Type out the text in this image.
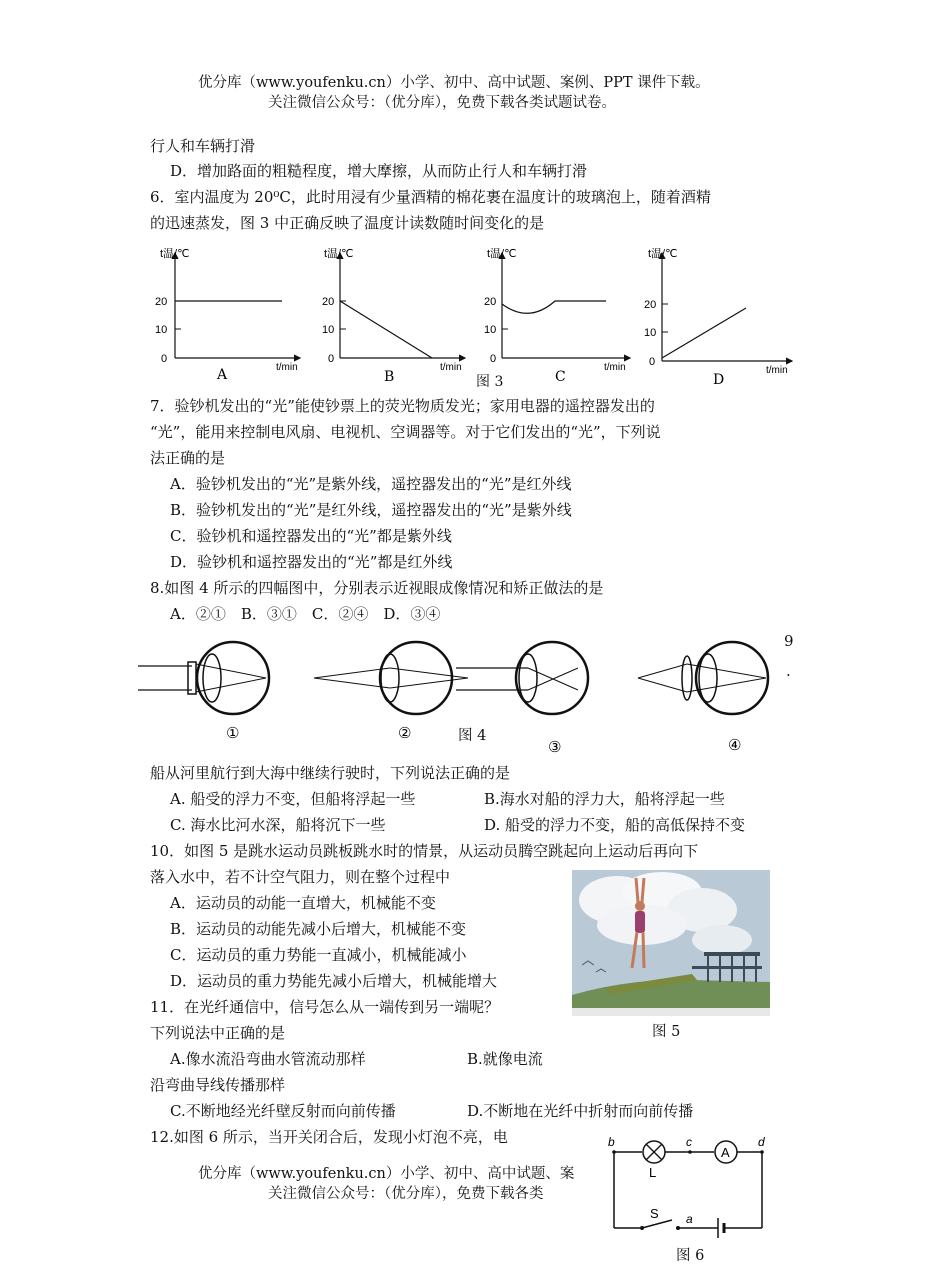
优分库（www.youfenku.cn）小学、初中、高中试题、案例、PPT 课件下载。
关注微信公众号：（优分库），免费下载各类试题试卷。
行人和车辆打滑
D．增加路面的粗糙程度，增大摩擦，从而防止行人和车辆打滑
6．室内温度为 20⁰C，此时用浸有少量酒精的棉花裹在温度计的玻璃泡上，随着酒精
的迅速蒸发，图 3 中正确反映了温度计读数随时间变化的是
t温/℃
t/min
0
10
20
A
t温/℃
t/min
0
10
20
B
t温/℃
t/min
0
10
20
C
t温/℃
t/min
0
10
20
D
图 3
7．验钞机发出的“光”能使钞票上的荧光物质发光；家用电器的遥控器发出的
“光”，能用来控制电风扇、电视机、空调器等。对于它们发出的“光”，下列说
法正确的是
A．验钞机发出的“光”是紫外线，遥控器发出的“光”是红外线
B．验钞机发出的“光”是红外线，遥控器发出的“光”是紫外线
C．验钞机和遥控器发出的“光”都是紫外线
D．验钞机和遥控器发出的“光”都是红外线
8.如图 4 所示的四幅图中，分别表示近视眼成像情况和矫正做法的是
A．②①　B．③①　C．②④　D．③④
9
.
①	②
③	④
图 4
船从河里航行到大海中继续行驶时，下列说法正确的是
A. 船受的浮力不变，但船将浮起一些	B.海水对船的浮力大，船将浮起一些
C. 海水比河水深，船将沉下一些	D. 船受的浮力不变，船的高低保持不变
10．如图 5 是跳水运动员跳板跳水时的情景，从运动员腾空跳起向上运动后再向下
落入水中，若不计空气阻力，则在整个过程中
A．运动员的动能一直增大，机械能不变
B．运动员的动能先减小后增大，机械能不变
C．运动员的重力势能一直减小，机械能减小
D．运动员的重力势能先减小后增大，机械能增大
图 5
11．在光纤通信中，信号怎么从一端传到另一端呢？
下列说法中正确的是
A.像水流沿弯曲水管流动那样	B.就像电流
沿弯曲导线传播那样
C.不断地经光纤壁反射而向前传播	D.不断地在光纤中折射而向前传播
12.如图 6 所示，当开关闭合后，发现小灯泡不亮，电
A
b	c	d
L
S a
图 6
优分库（www.youfenku.cn）小学、初中、高中试题、案
关注微信公众号：（优分库），免费下载各类
